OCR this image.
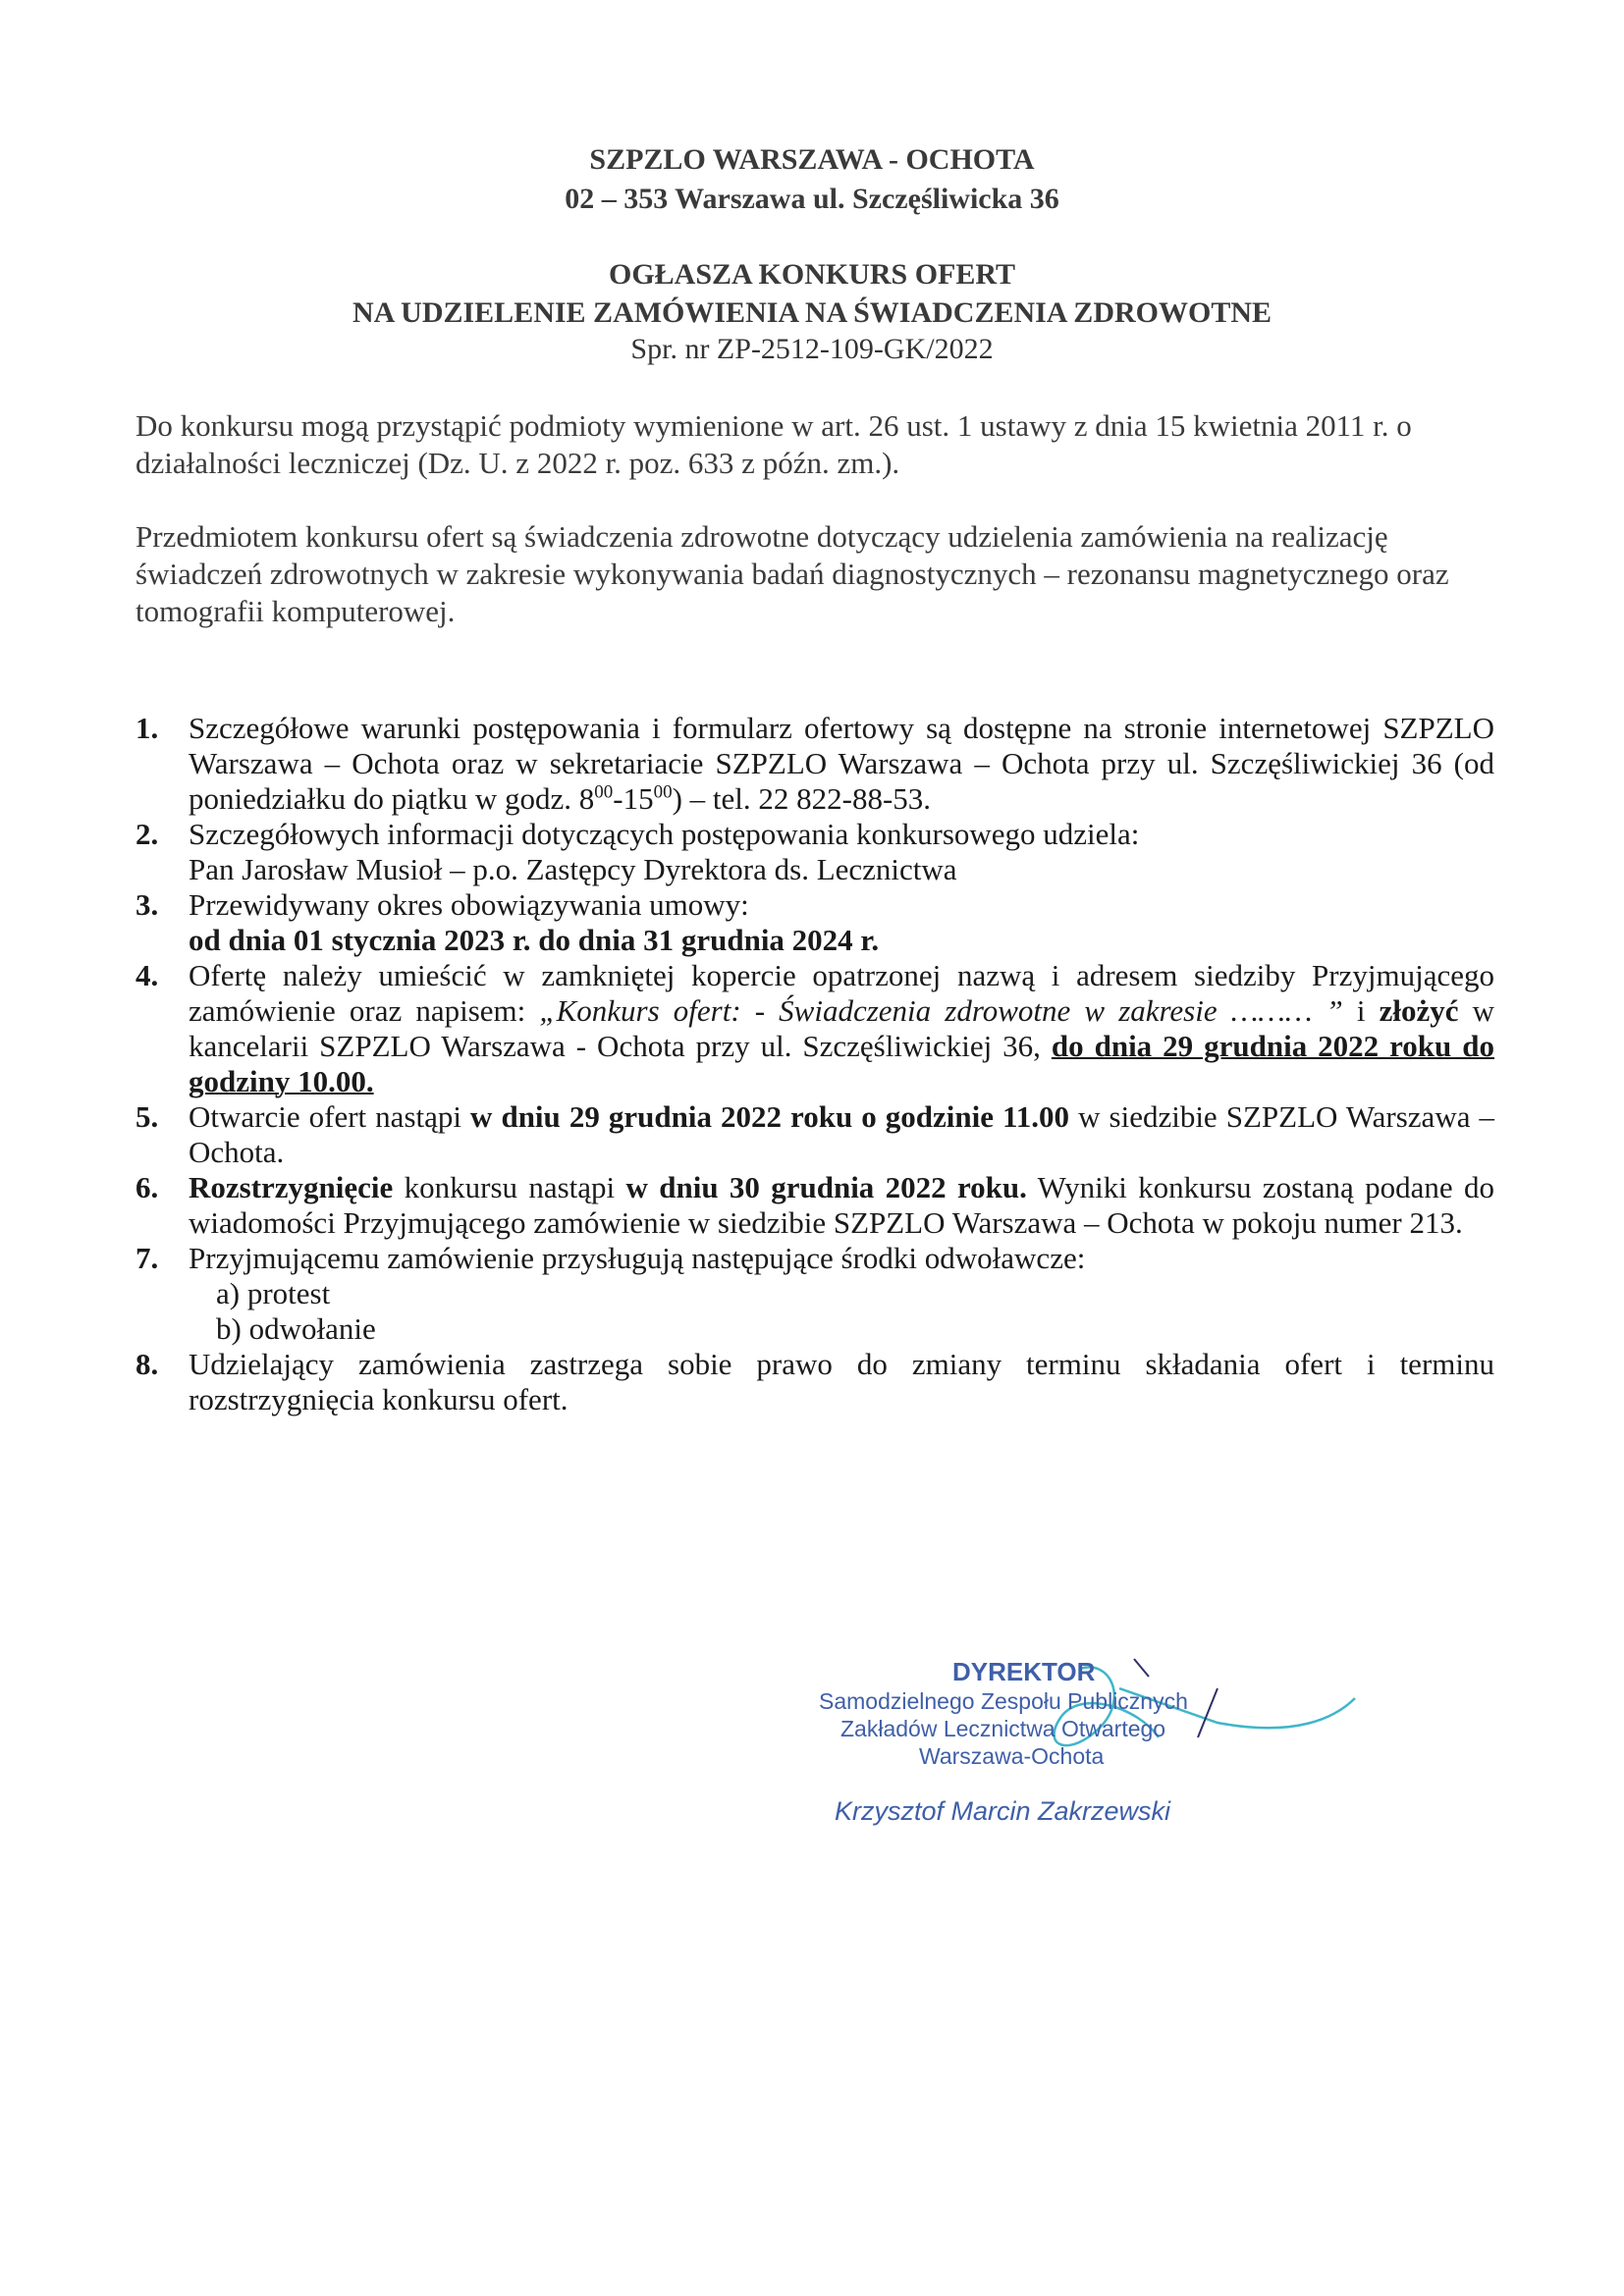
SZPZLO WARSZAWA - OCHOTA
02 – 353 Warszawa ul. Szczęśliwicka 36
OGŁASZA KONKURS OFERT
NA UDZIELENIE ZAMÓWIENIA NA ŚWIADCZENIA ZDROWOTNE
Spr. nr ZP-2512-109-GK/2022
Do konkursu mogą przystąpić podmioty wymienione w art. 26 ust. 1 ustawy z dnia 15 kwietnia 2011 r. o działalności leczniczej (Dz. U. z 2022 r. poz. 633 z późn. zm.).
Przedmiotem konkursu ofert są świadczenia zdrowotne dotyczący udzielenia zamówienia na realizację świadczeń zdrowotnych w zakresie wykonywania badań diagnostycznych – rezonansu magnetycznego oraz tomografii komputerowej.
1. Szczegółowe warunki postępowania i formularz ofertowy są dostępne na stronie internetowej SZPZLO Warszawa – Ochota oraz w sekretariacie SZPZLO Warszawa – Ochota przy ul. Szczęśliwickiej 36 (od poniedziałku do piątku w godz. $8^{00}-15^{00}$) – tel. 22 822-88-53.
2. Szczegółowych informacji dotyczących postępowania konkursowego udziela:
Pan Jarosław Musioł – p.o. Zastępcy Dyrektora ds. Lecznictwa
3. Przewidywany okres obowiązywania umowy:
od dnia 01 stycznia 2023 r. do dnia 31 grudnia 2024 r.
4. Ofertę należy umieścić w zamkniętej kopercie opatrzonej nazwą i adresem siedziby Przyjmującego zamówienie oraz napisem: „Konkurs ofert: - Świadczenia zdrowotne w zakresie ……… ” i złożyć w kancelarii SZPZLO Warszawa - Ochota przy ul. Szczęśliwickiej 36, do dnia 29 grudnia 2022 roku do godziny 10.00.
5. Otwarcie ofert nastąpi w dniu 29 grudnia 2022 roku o godzinie 11.00 w siedzibie SZPZLO Warszawa – Ochota.
6. Rozstrzygnięcie konkursu nastąpi w dniu 30 grudnia 2022 roku. Wyniki konkursu zostaną podane do wiadomości Przyjmującego zamówienie w siedzibie SZPZLO Warszawa – Ochota w pokoju numer 213.
7. Przyjmującemu zamówienie przysługują następujące środki odwoławcze:
a) protest
b) odwołanie
8. Udzielający zamówienia zastrzega sobie prawo do zmiany terminu składania ofert i terminu rozstrzygnięcia konkursu ofert.
DYREKTOR
Samodzielnego Zespołu Publicznych
Zakładów Lecznictwa Otwartego
Warszawa-Ochota
Krzysztof Marcin Zakrzewski
